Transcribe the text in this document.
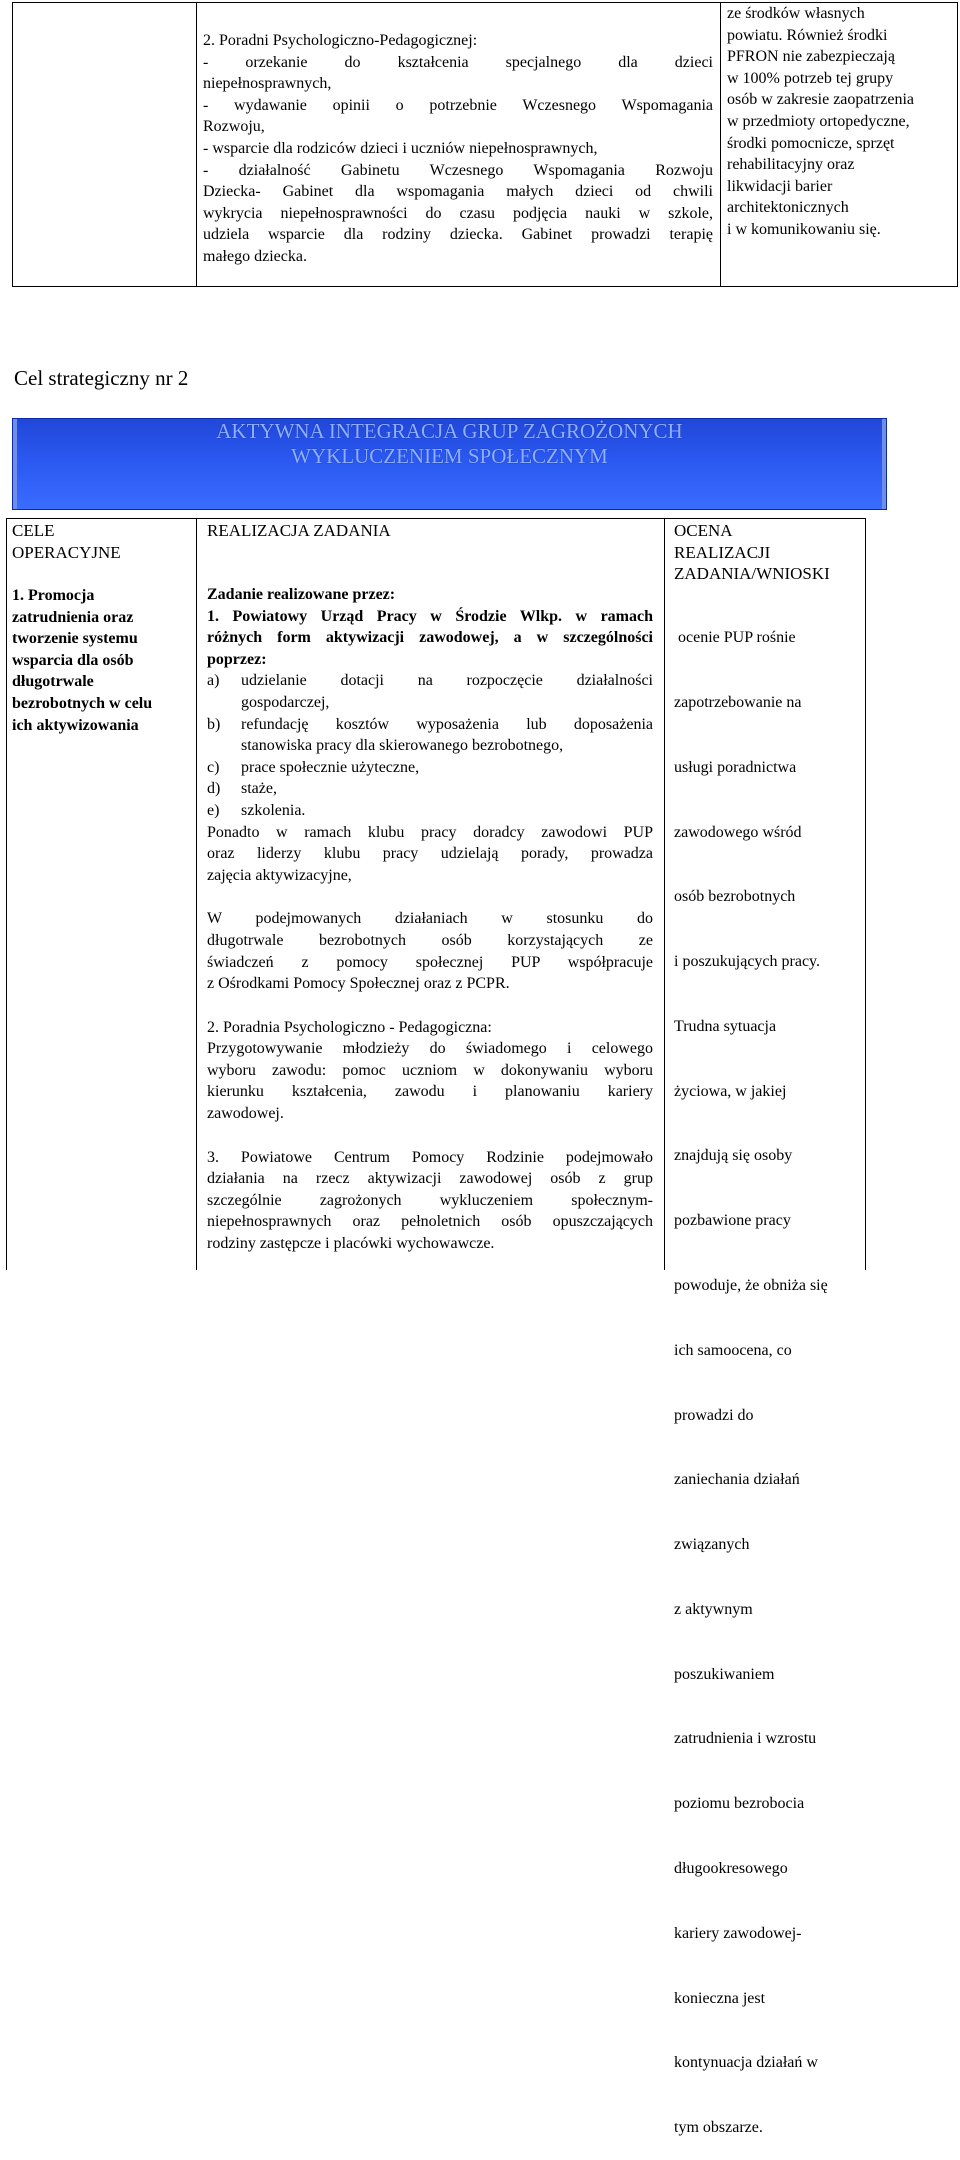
2. Poradni Psychologiczno-Pedagogicznej:
- orzekanie do kształcenia specjalnego dla dzieci
niepełnosprawnych,
- wydawanie opinii o potrzebnie Wczesnego Wspomagania
Rozwoju,
- wsparcie dla rodziców dzieci i uczniów niepełnosprawnych,
- działalność Gabinetu Wczesnego Wspomagania Rozwoju
Dziecka- Gabinet dla wspomagania małych dzieci od chwili
wykrycia niepełnosprawności do czasu podjęcia nauki w szkole,
udziela wsparcie dla rodziny dziecka. Gabinet prowadzi terapię
małego dziecka.
ze środków własnych
powiatu. Również środki
PFRON nie zabezpieczają
w 100% potrzeb tej grupy
osób w zakresie zaopatrzenia
w przedmioty ortopedyczne,
środki pomocnicze, sprzęt
rehabilitacyjny oraz
likwidacji barier
architektonicznych
i w komunikowaniu się.
Cel strategiczny nr 2
AKTYWNA INTEGRACJA GRUP ZAGROŻONYCH
WYKLUCZENIEM SPOŁECZNYM
CELE
OPERACYJNE
1. Promocja
zatrudnienia oraz
tworzenie systemu
wsparcia dla osób
długotrwale
bezrobotnych w celu
ich aktywizowania
REALIZACJA ZADANIA
Zadanie realizowane przez:
1. Powiatowy Urząd Pracy w Środzie Wlkp. w ramach
różnych form aktywizacji zawodowej, a w szczególności
poprzez:
a) udzielanie dotacji na rozpoczęcie działalności
gospodarczej,
b) refundację kosztów wyposażenia lub doposażenia
stanowiska pracy dla skierowanego bezrobotnego,
c) prace społecznie użyteczne,
d) staże,
e) szkolenia.
Ponadto w ramach klubu pracy doradcy zawodowi PUP
oraz liderzy klubu pracy udzielają porady, prowadza
zajęcia aktywizacyjne,
W podejmowanych działaniach w stosunku do
długotrwale bezrobotnych osób korzystających ze
świadczeń z pomocy społecznej PUP współpracuje
z Ośrodkami Pomocy Społecznej oraz z PCPR.
2. Poradnia Psychologiczno - Pedagogiczna:
Przygotowywanie młodzieży do świadomego i celowego
wyboru zawodu: pomoc uczniom w dokonywaniu wyboru
kierunku kształcenia, zawodu i planowaniu kariery
zawodowej.
3. Powiatowe Centrum Pomocy Rodzinie podejmowało
działania na rzecz aktywizacji zawodowej osób z grup
szczególnie zagrożonych wykluczeniem społecznym-
niepełnosprawnych oraz pełnoletnich osób opuszczających
rodziny zastępcze i placówki wychowawcze.
OCENA
REALIZACJI
ZADANIA/WNIOSKI

ocenie PUP rośnie

zapotrzebowanie na

usługi poradnictwa

zawodowego wśród

osób bezrobotnych

i poszukujących pracy.

Trudna sytuacja

życiowa, w jakiej

znajdują się osoby

pozbawione pracy

powoduje, że obniża się

ich samoocena, co

prowadzi do

zaniechania działań

związanych

z aktywnym

poszukiwaniem

zatrudnienia i wzrostu

poziomu bezrobocia

długookresowego

kariery zawodowej-

konieczna jest

kontynuacja działań w

tym obszarze.
